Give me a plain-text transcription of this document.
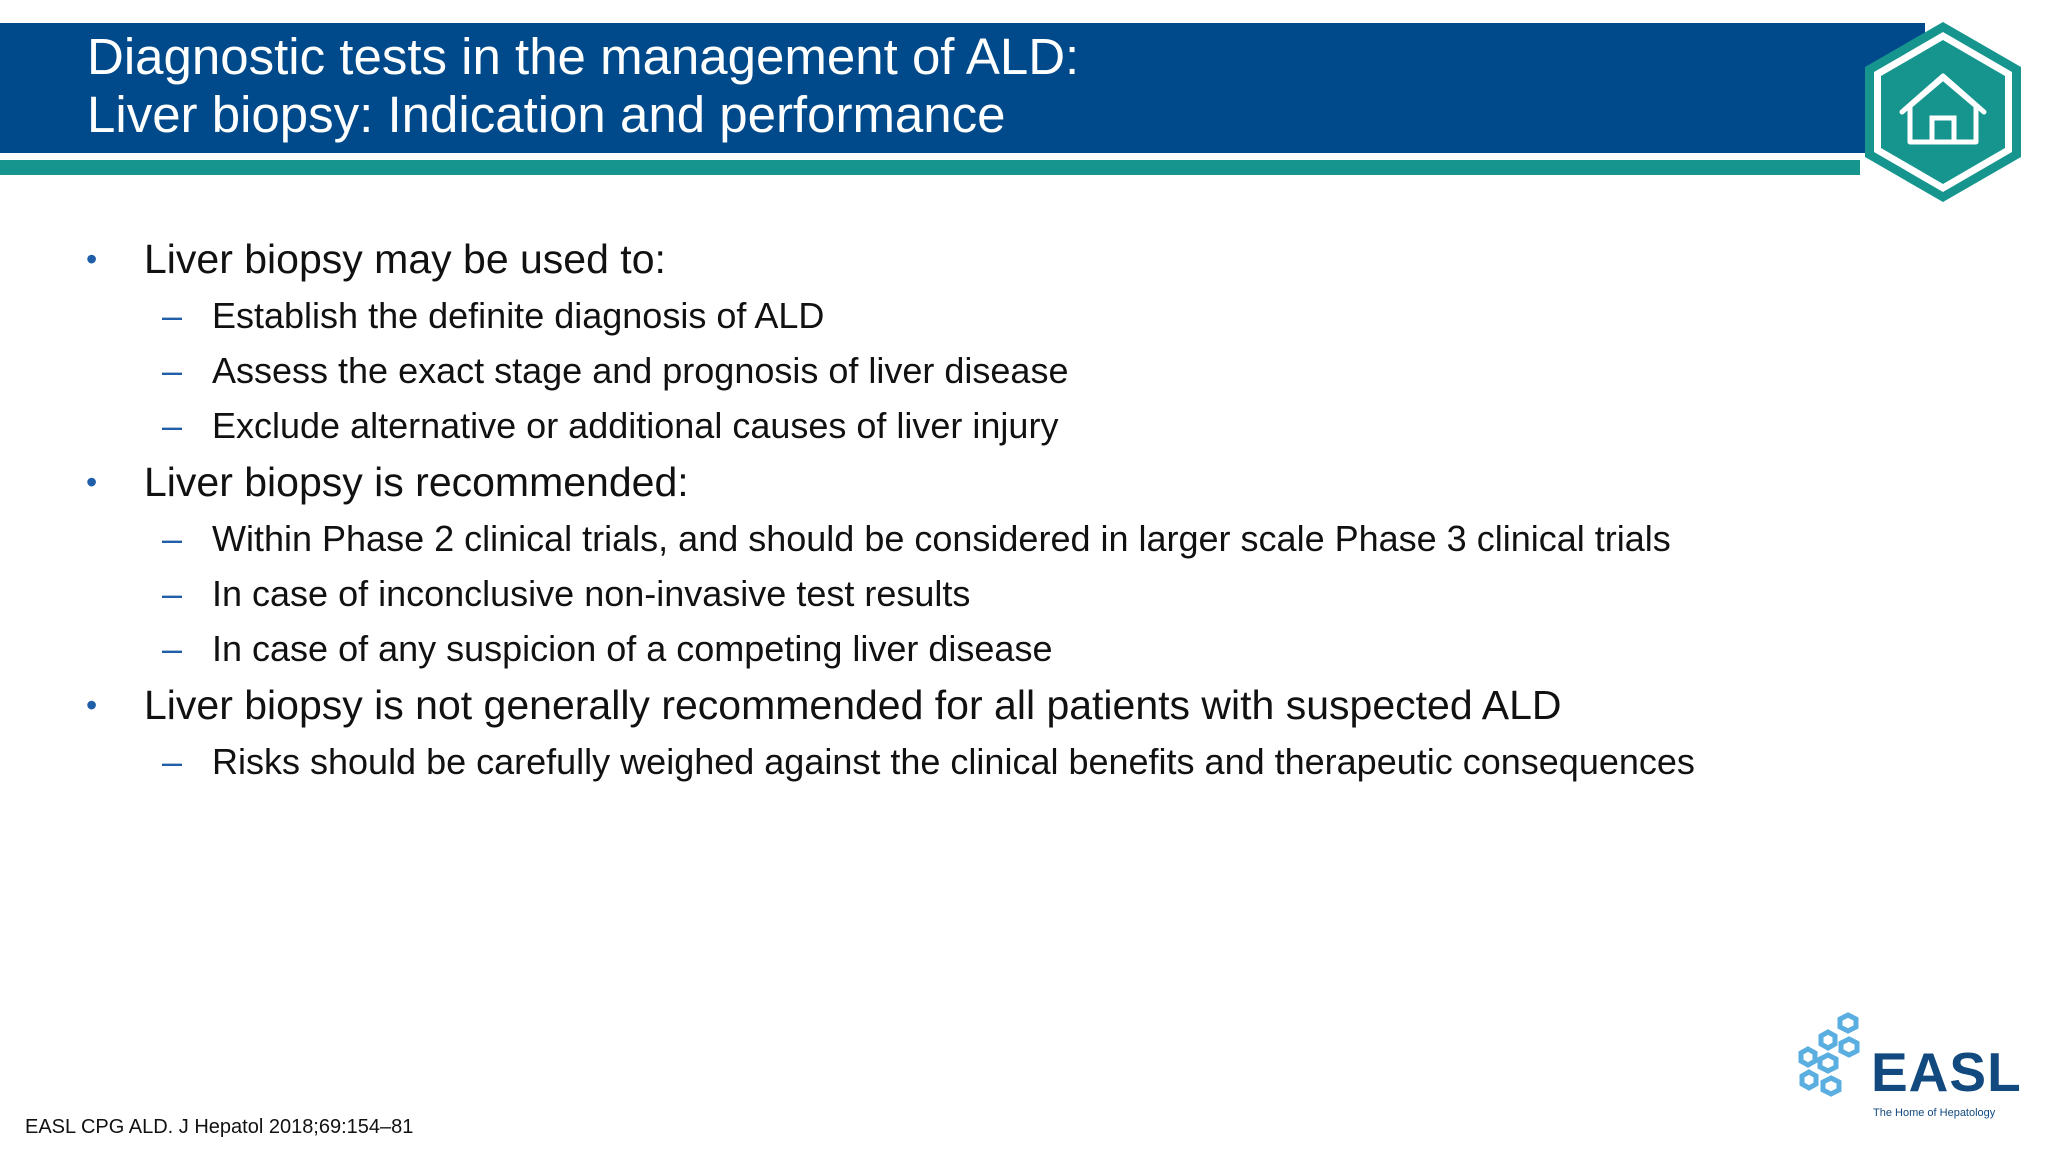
Diagnostic tests in the management of ALD:
Liver biopsy: Indication and performance
• Liver biopsy may be used to:
– Establish the definite diagnosis of ALD
– Assess the exact stage and prognosis of liver disease
– Exclude alternative or additional causes of liver injury
• Liver biopsy is recommended:
– Within Phase 2 clinical trials, and should be considered in larger scale Phase 3 clinical trials
– In case of inconclusive non-invasive test results
– In case of any suspicion of a competing liver disease
• Liver biopsy is not generally recommended for all patients with suspected ALD
– Risks should be carefully weighed against the clinical benefits and therapeutic consequences
EASL CPG ALD. J Hepatol 2018;69:154–81
EASL
The Home of Hepatology
